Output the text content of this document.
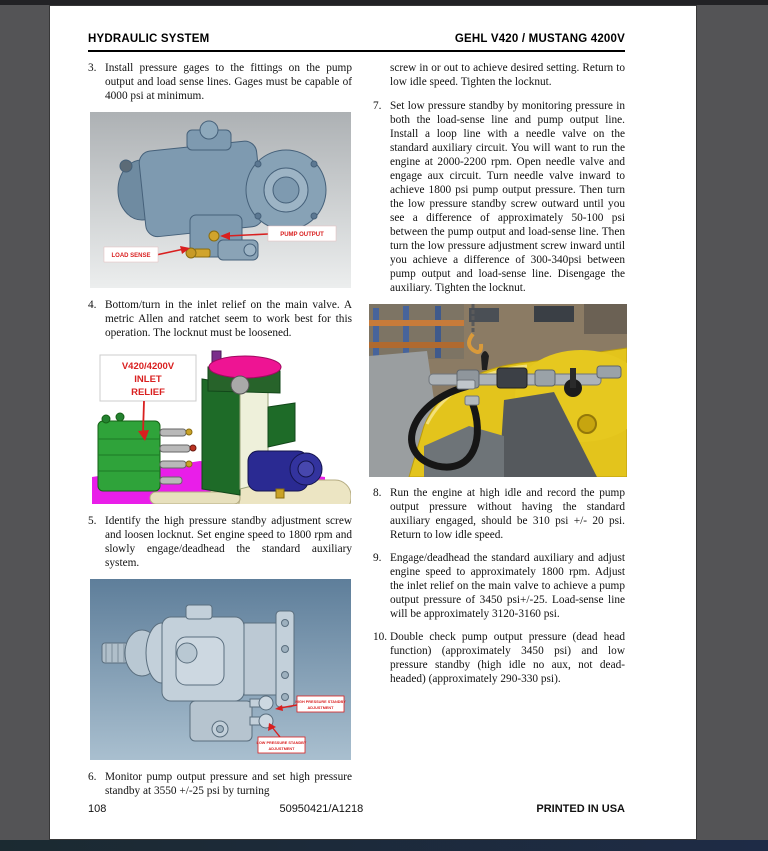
HYDRAULIC SYSTEM	GEHL V420 / MUSTANG 4200V
3. Install pressure gages to the fittings on the pump output and load sense lines. Gages must be capable of 4000 psi at minimum.
PUMP OUTPUT
LOAD SENSE
4. Bottom/turn in the inlet relief on the main valve. A metric Allen and ratchet seem to work best for this operation. The locknut must be loosened.
V420/4200V
INLET
RELIEF
5. Identify the high pressure standby adjustment screw and loosen locknut. Set engine speed to 1800 rpm and slowly engage/deadhead the standard auxiliary system.
HIGH PRESSURE STANDBY
ADJUSTMENT
LOW PRESSURE STANDBY
ADJUSTMENT
6. Monitor pump output pressure and set high pressure standby at 3550 +/-25 psi by turning
screw in or out to achieve desired setting. Return to low idle speed. Tighten the locknut.
7. Set low pressure standby by monitoring pressure in both the load-sense line and pump output line. Install a loop line with a needle valve on the standard auxiliary circuit. You will want to run the engine at 2000-2200 rpm. Open needle valve and engage aux circuit. Turn needle valve inward to achieve 1800 psi pump output pressure. Then turn the low pressure standby screw outward until you see a difference of approximately 50-100 psi between the pump output and load-sense line. Then turn the low pressure adjustment screw inward until you achieve a difference of 300-340psi between pump output and load-sense line. Disengage the auxiliary. Tighten the locknut.
8. Run the engine at high idle and record the pump output pressure without having the standard auxiliary engaged, should be 310 psi +/- 20 psi. Return to low idle speed.
9. Engage/deadhead the standard auxiliary and adjust engine speed to approximately 1800 rpm. Adjust the inlet relief on the main valve to achieve a pump output pressure of 3450 psi+/-25. Load-sense line will be approximately 3120-3160 psi.
10. Double check pump output pressure (dead head function) (approximately 3450 psi) and low pressure standby (high idle no aux, not dead-headed) (approximately 290-330 psi).
108	50950421/A1218	PRINTED IN USA
